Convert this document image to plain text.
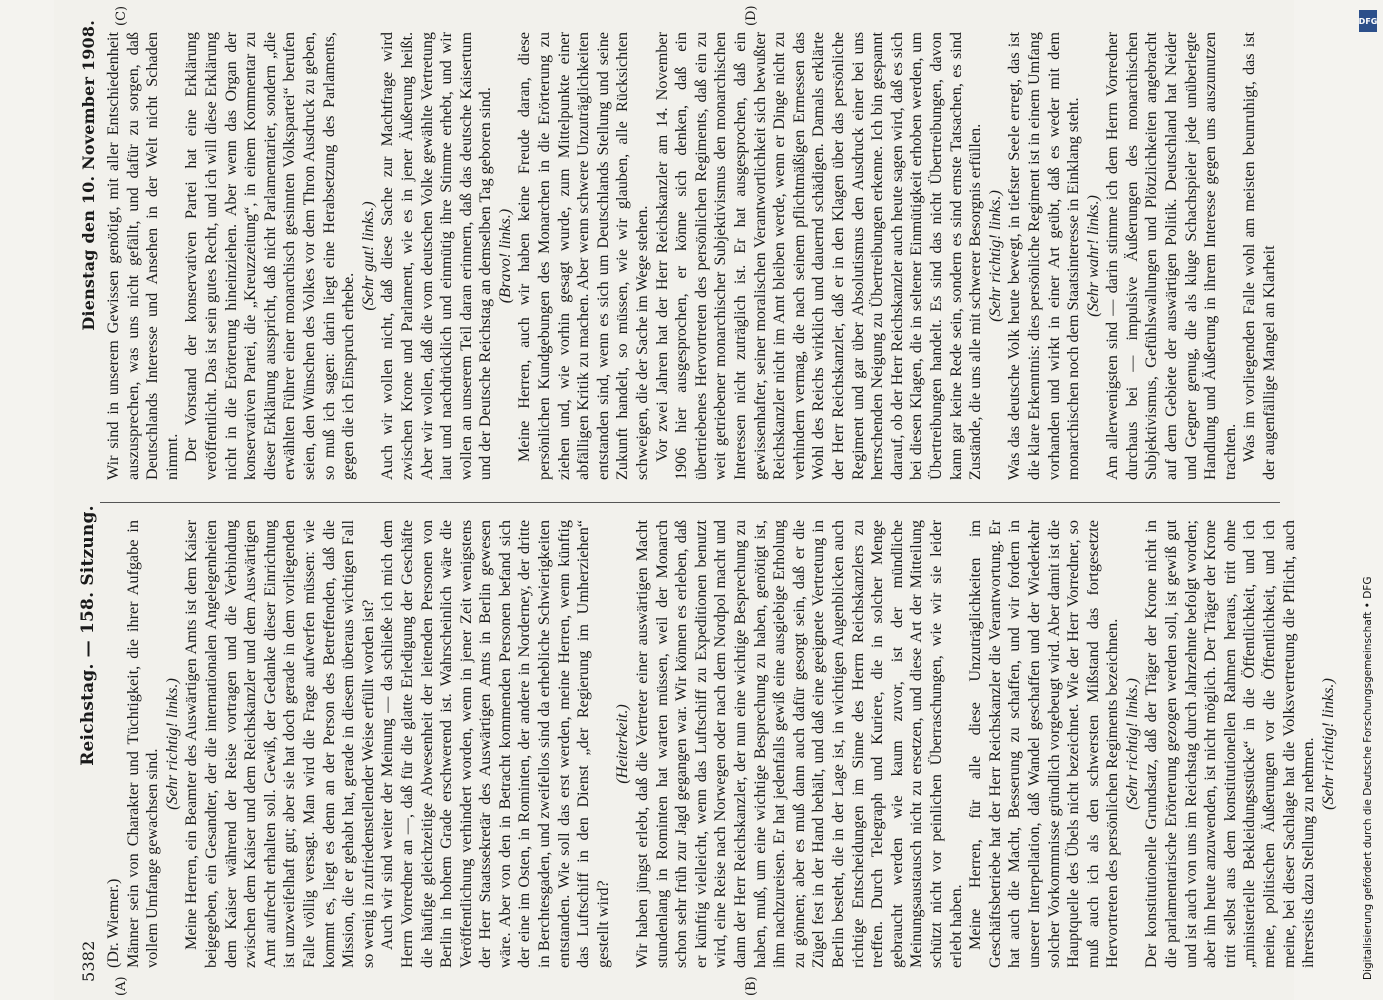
5382
Reichstag. — 158. Sitzung.
Dienstag den 10. November 1908.
(A)	(B)
(C)	(D)

(Dr. Wiemer.) Männer sein von Charakter und Tüchtigkeit, die ihrer Aufgabe in vollem Umfange gewachsen sind.

(Sehr richtig! links.) Meine Herren, ein Beamter des Auswärtigen Amts ist dem Kaiser beigegeben, ein Gesandter, der die internationalen Angelegenheiten dem Kaiser während der Reise vortragen und die Verbindung zwischen dem Kaiser und dem Reichskanzler und dem Auswärtigen Amt aufrecht erhalten soll. Gewiß, der Gedanke dieser Einrichtung ist unzweifelhaft gut; aber sie hat doch gerade in dem vorliegenden Falle völlig versagt. Man wird die Frage aufwerfen müssen: wie kommt es, liegt es denn an der Person des Betreffenden, daß die Mission, die er gehabt hat, gerade in diesem überaus wichtigen Fall so wenig in zufriedenstellender Weise erfüllt worden ist? Auch wir sind weiter der Meinung — da schließe ich mich dem Herrn Vorredner an —, daß für die glatte Erledigung der Geschäfte die häufige gleichzeitige Abwesenheit der leitenden Personen von Berlin in hohem Grade erschwerend ist. Wahrscheinlich wäre die Veröffentlichung verhindert worden, wenn in jener Zeit wenigstens der Herr Staatssekretär des Auswärtigen Amts in Berlin gewesen wäre. Aber von den in Betracht kommenden Personen befand sich der eine im Osten, in Rominten, der andere in Norderney, der dritte in Berchtesgaden, und zweifellos sind da erhebliche Schwierigkeiten entstanden. Wie soll das erst werden, meine Herren, wenn künftig das Luftschiff in den Dienst „der Regierung im Umherziehen“ gestellt wird?

(Heiterkeit.) Wir haben jüngst erlebt, daß die Vertreter einer auswärtigen Macht stundenlang in Rominten hat warten müssen, weil der Monarch schon sehr früh zur Jagd gegangen war. Wir können es erleben, daß er künftig vielleicht, wenn das Luftschiff zu Expeditionen benutzt wird, eine Reise nach Norwegen oder nach dem Nordpol macht und dann der Herr Reichskanzler, der nun eine wichtige Besprechung zu haben, muß, um eine wichtige Besprechung zu haben, genötigt ist, ihm nachzureisen. Er hat jedenfalls gewiß eine ausgiebige Erholung zu gönnen; aber es muß dann auch dafür gesorgt sein, daß er die Zügel fest in der Hand behält, und daß eine geeignete Vertretung in Berlin besteht, die in der Lage ist, in wichtigen Augenblicken auch richtige Entscheidungen im Sinne des Herrn Reichskanzlers zu treffen. Durch Telegraph und Kuriere, die in solcher Menge gebraucht werden wie kaum zuvor, ist der mündliche Meinungsaustausch nicht zu ersetzen, und diese Art der Mitteilung schützt nicht vor peinlichen Überraschungen, wie wir sie leider erlebt haben. Meine Herren, für alle diese Unzuträglichkeiten im Geschäftsbetriebe hat der Herr Reichskanzler die Verantwortung. Er hat auch die Macht, Besserung zu schaffen, und wir fordern in unserer Interpellation, daß Wandel geschaffen und der Wiederkehr solcher Vorkommnisse gründlich vorgebeugt wird. Aber damit ist die Hauptquelle des Übels nicht bezeichnet. Wie der Herr Vorredner, so muß auch ich als den schwersten Mißstand das fortgesetzte Hervortreten des persönlichen Regiments bezeichnen. (Sehr richtig! links.) Der konstitutionelle Grundsatz, daß der Träger der Krone nicht in die parlamentarische Erörterung gezogen werden soll, ist gewiß gut und ist auch von uns im Reichstag durch Jahrzehnte befolgt worden; aber ihn heute anzuwenden, ist nicht möglich. Der Träger der Krone tritt selbst aus dem konstitutionellen Rahmen heraus, tritt ohne „ministerielle Bekleidungsstücke“ in die Öffentlichkeit, und ich meine, politischen Äußerungen vor die Öffentlichkeit, und ich meine, bei dieser Sachlage hat die Volksvertretung die Pflicht, auch ihrerseits dazu Stellung zu nehmen. (Sehr richtig! links.)

Wir sind in unserem Gewissen genötigt, mit aller Entschiedenheit auszusprechen, was uns nicht gefällt, und dafür zu sorgen, daß Deutschlands Interesse und Ansehen in der Welt nicht Schaden nimmt. Der Vorstand der konservativen Partei hat eine Erklärung veröffentlicht. Das ist sein gutes Recht, und ich will diese Erklärung nicht in die Erörterung hineinziehen. Aber wenn das Organ der konservativen Partei, die „Kreuzzeitung“, in einem Kommentar zu dieser Erklärung ausspricht, daß nicht Parlamentarier, sondern „die erwählten Führer einer monarchisch gesinnten Volkspartei“ berufen seien, den Wünschen des Volkes vor dem Thron Ausdruck zu geben, so muß ich sagen: darin liegt eine Herabsetzung des Parlaments, gegen die ich Einspruch erhebe.

(Sehr gut! links.) Auch wir wollen nicht, daß diese Sache zur Machtfrage wird zwischen Krone und Parlament, wie es in jener Äußerung heißt. Aber wir wollen, daß die vom deutschen Volke gewählte Vertretung laut und nachdrücklich und einmütig ihre Stimme erhebt, und wir wollen an unserem Teil daran erinnern, daß das deutsche Kaisertum und der Deutsche Reichstag an demselben Tag geboren sind. (Bravo! links.) Meine Herren, auch wir haben keine Freude daran, diese persönlichen Kundgebungen des Monarchen in die Erörterung zu ziehen und, wie vorhin gesagt wurde, zum Mittelpunkte einer abfälligen Kritik zu machen. Aber wenn schwere Unzuträglichkeiten entstanden sind, wenn es sich um Deutschlands Stellung und seine Zukunft handelt, so müssen, wie wir glauben, alle Rücksichten schweigen, die der Sache im Wege stehen. Vor zwei Jahren hat der Herr Reichskanzler am 14. November 1906 hier ausgesprochen, er könne sich denken, daß ein übertriebenes Hervortreten des persönlichen Regiments, daß ein zu weit getriebener monarchischer Subjektivismus den monarchischen Interessen nicht zuträglich ist. Er hat ausgesprochen, daß ein gewissenhafter, seiner moralischen Verantwortlichkeit sich bewußter Reichskanzler nicht im Amt bleiben werde, wenn er Dinge nicht zu verhindern vermag, die nach seinem pflichtmäßigen Ermessen das Wohl des Reichs wirklich und dauernd schädigen. Damals erklärte der Herr Reichskanzler, daß er in den Klagen über das persönliche Regiment und gar über Absolutismus den Ausdruck einer bei uns herrschenden Neigung zu Übertreibungen erkenne. Ich bin gespannt darauf, ob der Herr Reichskanzler auch heute sagen wird, daß es sich bei diesen Klagen, die in seltener Einmütigkeit erhoben werden, um Übertreibungen handelt. Es sind das nicht Übertreibungen, davon kann gar keine Rede sein, sondern es sind ernste Tatsachen, es sind Zustände, die uns alle mit schwerer Besorgnis erfüllen. (Sehr richtig! links.) Was das deutsche Volk heute bewegt, in tiefster Seele erregt, das ist die klare Erkenntnis: dies persönliche Regiment ist in einem Umfang vorhanden und wirkt in einer Art geübt, daß es weder mit dem monarchischen noch dem Staatsinteresse in Einklang steht. (Sehr wahr! links.) Am allerwenigsten sind — darin stimme ich dem Herrn Vorredner durchaus bei — impulsive Äußerungen des monarchischen Subjektivismus, Gefühlswallungen und Plötzlichkeiten angebracht auf dem Gebiete der auswärtigen Politik. Deutschland hat Neider und Gegner genug, die als kluge Schachspieler jede unüberlegte Handlung und Äußerung in ihrem Interesse gegen uns auszunutzen trachten. Was im vorliegenden Falle wohl am meisten beunruhigt, das ist der augenfällige Mangel an Klarheit

DFG
Digitalisierung gefördert durch die Deutsche Forschungsgemeinschaft • DFG
